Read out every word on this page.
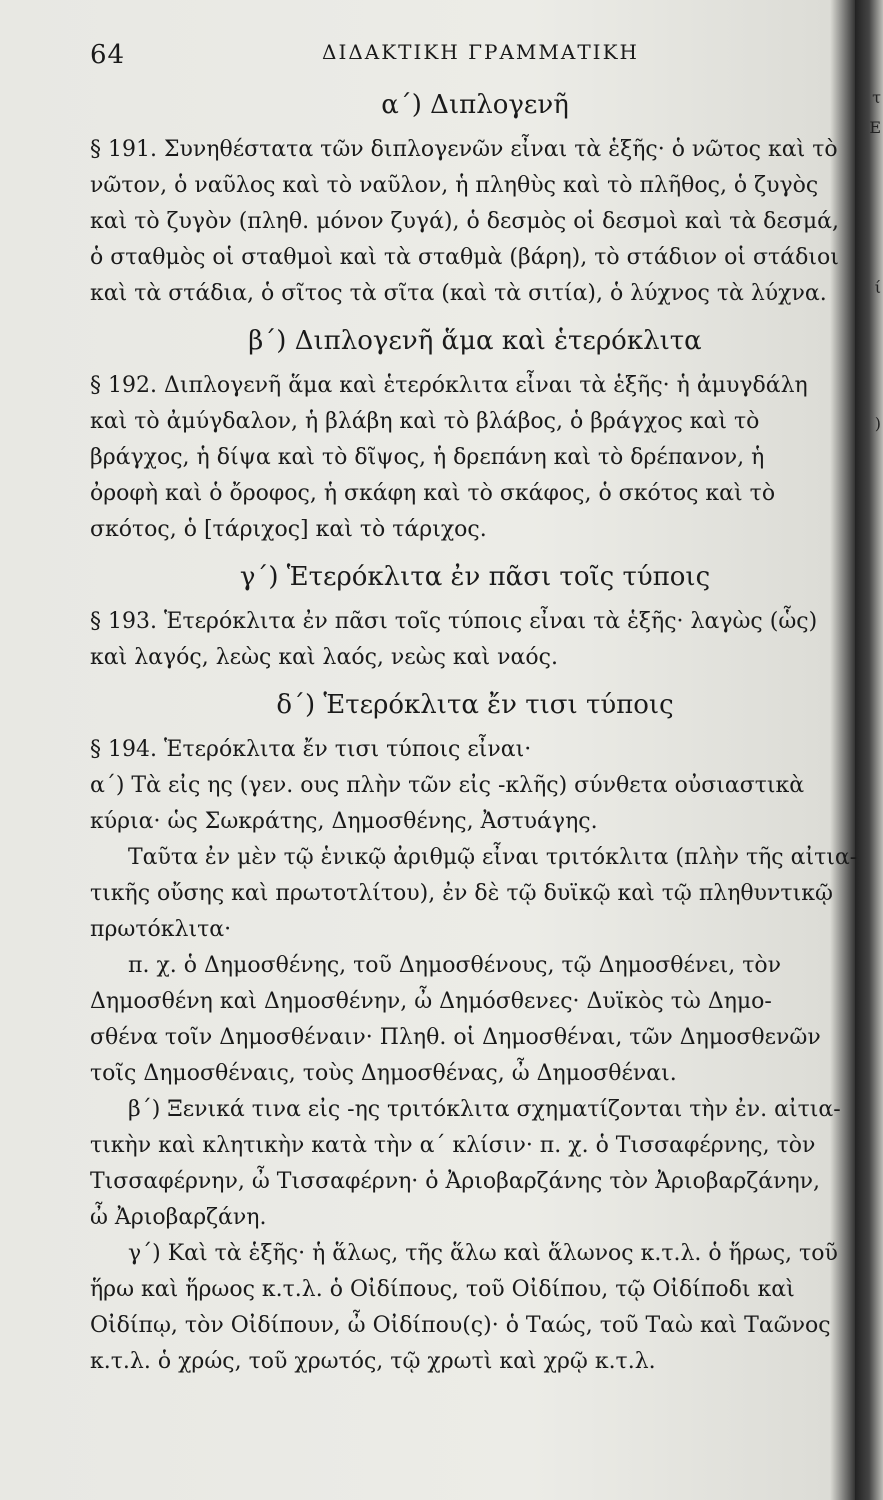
τ
Ε
ί
)
64	ΔΙΔΑΚΤΙΚΗ ΓΡΑΜΜΑΤΙΚΗ
α΄) Διπλογενῆ
§ 191. Συνηθέστατα τῶν διπλογενῶν εἶναι τὰ ἑξῆς· ὁ νῶτος καὶ τὸ
νῶτον, ὁ ναῦλος καὶ τὸ ναῦλον, ἡ πληθὺς καὶ τὸ πλῆθος, ὁ ζυγὸς
καὶ τὸ ζυγὸν (πληθ. μόνον ζυγά), ὁ δεσμὸς οἱ δεσμοὶ καὶ τὰ δεσμά,
ὁ σταθμὸς οἱ σταθμοὶ καὶ τὰ σταθμὰ (βάρη), τὸ στάδιον οἱ στάδιοι
καὶ τὰ στάδια, ὁ σῖτος τὰ σῖτα (καὶ τὰ σιτία), ὁ λύχνος τὰ λύχνα.
β΄) Διπλογενῆ ἅμα καὶ ἑτερόκλιτα
§ 192. Διπλογενῆ ἅμα καὶ ἑτερόκλιτα εἶναι τὰ ἑξῆς· ἡ ἀμυγδάλη
καὶ τὸ ἀμύγδαλον, ἡ βλάβη καὶ τὸ βλάβος, ὁ βράγχος καὶ τὸ
βράγχος, ἡ δίψα καὶ τὸ δῖψος, ἡ δρεπάνη καὶ τὸ δρέπανον, ἡ
ὀροφὴ καὶ ὁ ὄροφος, ἡ σκάφη καὶ τὸ σκάφος, ὁ σκότος καὶ τὸ
σκότος, ὁ [τάριχος] καὶ τὸ τάριχος.
γ΄) Ἑτερόκλιτα ἐν πᾶσι τοῖς τύποις
§ 193. Ἑτερόκλιτα ἐν πᾶσι τοῖς τύποις εἶναι τὰ ἑξῆς· λαγὼς (ὧς)
καὶ λαγός, λεὼς καὶ λαός, νεὼς καὶ ναός.
δ΄) Ἑτερόκλιτα ἔν τισι τύποις
§ 194. Ἑτερόκλιτα ἔν τισι τύποις εἶναι·
α΄) Τὰ εἰς ης (γεν. ους πλὴν τῶν εἰς -κλῆς) σύνθετα οὐσιαστικὰ
κύρια· ὡς Σωκράτης, Δημοσθένης, Ἀστυάγης.
Ταῦτα ἐν μὲν τῷ ἑνικῷ ἀριθμῷ εἶναι τριτόκλιτα (πλὴν τῆς αἰτια-
τικῆς οὔσης καὶ πρωτοτλίτου), ἐν δὲ τῷ δυϊκῷ καὶ τῷ πληθυντικῷ
πρωτόκλιτα·
π. χ. ὁ Δημοσθένης, τοῦ Δημοσθένους, τῷ Δημοσθένει, τὸν
Δημοσθένη καὶ Δημοσθένην, ὦ Δημόσθενες· Δυϊκὸς τὼ Δημο-
σθένα τοῖν Δημοσθέναιν· Πληθ. οἱ Δημοσθέναι, τῶν Δημοσθενῶν
τοῖς Δημοσθέναις, τοὺς Δημοσθένας, ὦ Δημοσθέναι.
β΄) Ξενικά τινα εἰς -ης τριτόκλιτα σχηματίζονται τὴν ἐν. αἰτια-
τικὴν καὶ κλητικὴν κατὰ τὴν α΄ κλίσιν· π. χ. ὁ Τισσαφέρνης, τὸν
Τισσαφέρνην, ὦ Τισσαφέρνη· ὁ Ἀριοβαρζάνης τὸν Ἀριοβαρζάνην,
ὦ Ἀριοβαρζάνη.
γ΄) Καὶ τὰ ἑξῆς· ἡ ἅλως, τῆς ἅλω καὶ ἅλωνος κ.τ.λ. ὁ ἥρως, τοῦ
ἥρω καὶ ἥρωος κ.τ.λ. ὁ Οἰδίπους, τοῦ Οἰδίπου, τῷ Οἰδίποδι καὶ
Οἰδίπῳ, τὸν Οἰδίπουν, ὦ Οἰδίπου(ς)· ὁ Ταώς, τοῦ Ταὼ καὶ Ταῶνος
κ.τ.λ. ὁ χρώς, τοῦ χρωτός, τῷ χρωτὶ καὶ χρῷ κ.τ.λ.
